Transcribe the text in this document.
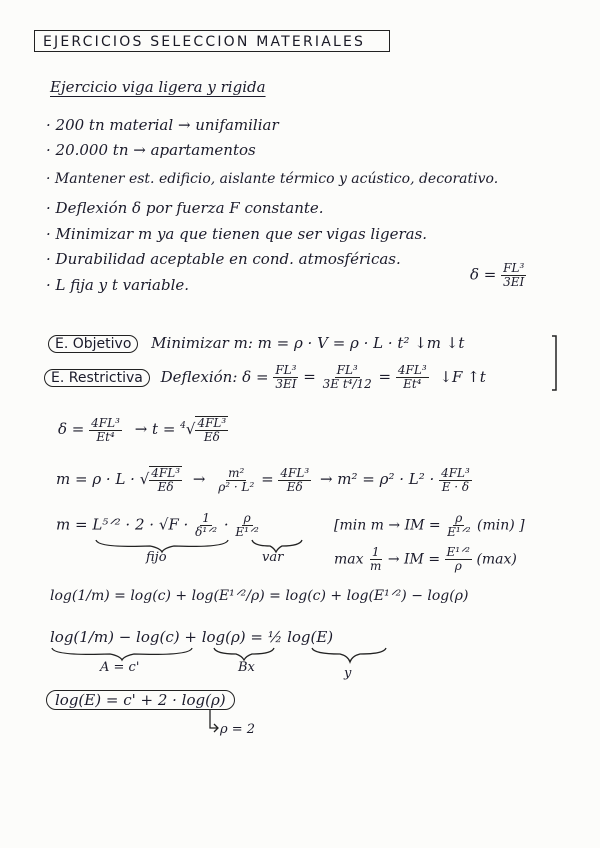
EJERCICIOS SELECCION MATERIALES
Ejercicio viga ligera y rigida
· 200 tn material → unifamiliar
· 20.000 tn → apartamentos
· Mantener est. edificio, aislante térmico y acústico, decorativo.
· Deflexión δ por fuerza F constante.
· Minimizar m ya que tienen que ser vigas ligeras.
· Durabilidad aceptable en cond. atmosféricas.
· L fija y t variable.
$\delta = \frac{\text{FL³}}{3EI}$
E. Objetivo Minimizar m: m = ρ · V = ρ · L · t² ↓m ↓t
E. Restrictiva Deflexión: $\delta = \frac{\text{FL³}}{3EI} = \frac{\text{FL³}}{\text{3E t⁴/12}} = \frac{\text{4FL³}}{\text{Et⁴}}$ ↓F ↑t
$\delta = \frac{\text{4FL³}}{\text{Et⁴}} \to t = ^4√ \frac{\text{4FL³}}{E\delta}$
m = ρ · L · √ $\frac{\text{4FL³}}{E\delta} \to \frac{\text{m²}}{\text{ρ² · L²}} = \frac{\text{4FL³}}{E\delta} \to m^2 = \rho^2 \cdot L^2 \cdot \frac{\text{4FL³}}{E \cdot \delta}$
m = L⁵ᐟ² · $2 \cdot √F \cdot \frac{1}{\text{δ¹ᐟ²}} \cdot \frac{\rho}{\text{E¹ᐟ²}}$
fijo	var
[min m → IM = $\frac{\rho}{\text{E¹ᐟ²}} (\min)$ ]
$\max \frac{1}{m}$ → IM = $\frac{\text{E¹ᐟ²}}{\rho} (\max)$
log(1/m) = log(c) + log(E¹ᐟ²/ρ) = log(c) + log(E¹ᐟ²) − log(ρ)
log(1/m) − log(c) + log(ρ) = ½ log(E)
A = c'	Bx	y
log(E) = c' + 2 · log(ρ)
ρ = 2
